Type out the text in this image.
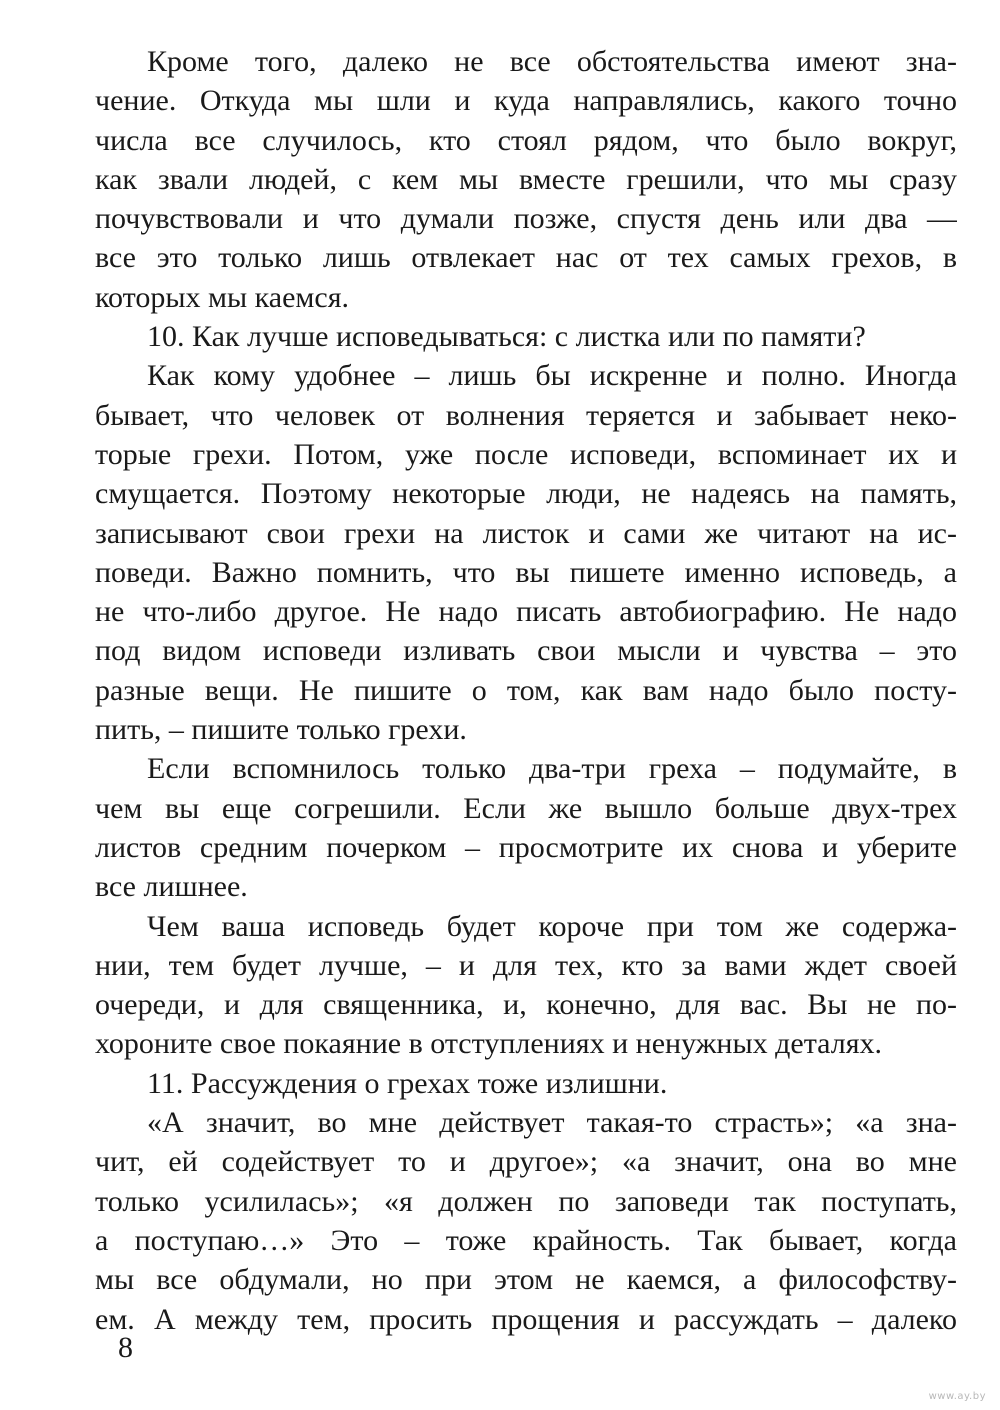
Кроме того, далеко не все обстоятельства имеют зна-
чение. Откуда мы шли и куда направлялись, какого точно
числа все случилось, кто стоял рядом, что было вокруг,
как звали людей, с кем мы вместе грешили, что мы сразу
почувствовали и что думали позже, спустя день или два —
все это только лишь отвлекает нас от тех самых грехов, в
которых мы каемся.
10. Как лучше исповедываться: с листка или по памяти?
Как кому удобнее – лишь бы искренне и полно. Иногда
бывает, что человек от волнения теряется и забывает неко-
торые грехи. Потом, уже после исповеди, вспоминает их и
смущается. Поэтому некоторые люди, не надеясь на память,
записывают свои грехи на листок и сами же читают на ис-
поведи. Важно помнить, что вы пишете именно исповедь, а
не что-либо другое. Не надо писать автобиографию. Не надо
под видом исповеди изливать свои мысли и чувства – это
разные вещи. Не пишите о том, как вам надо было посту-
пить, – пишите только грехи.
Если вспомнилось только два-три греха – подумайте, в
чем вы еще согрешили. Если же вышло больше двух-трех
листов средним почерком – просмотрите их снова и уберите
все лишнее.
Чем ваша исповедь будет короче при том же содержа-
нии, тем будет лучше, – и для тех, кто за вами ждет своей
очереди, и для священника, и, конечно, для вас. Вы не по-
хороните свое покаяние в отступлениях и ненужных деталях.
11. Рассуждения о грехах тоже излишни.
«А значит, во мне действует такая-то страсть»; «а зна-
чит, ей содействует то и другое»; «а значит, она во мне
только усилилась»; «я должен по заповеди так поступать,
а поступаю…» Это – тоже крайность. Так бывает, когда
мы все обдумали, но при этом не каемся, а философству-
ем. А между тем, просить прощения и рассуждать – далеко
8
www.ay.by
